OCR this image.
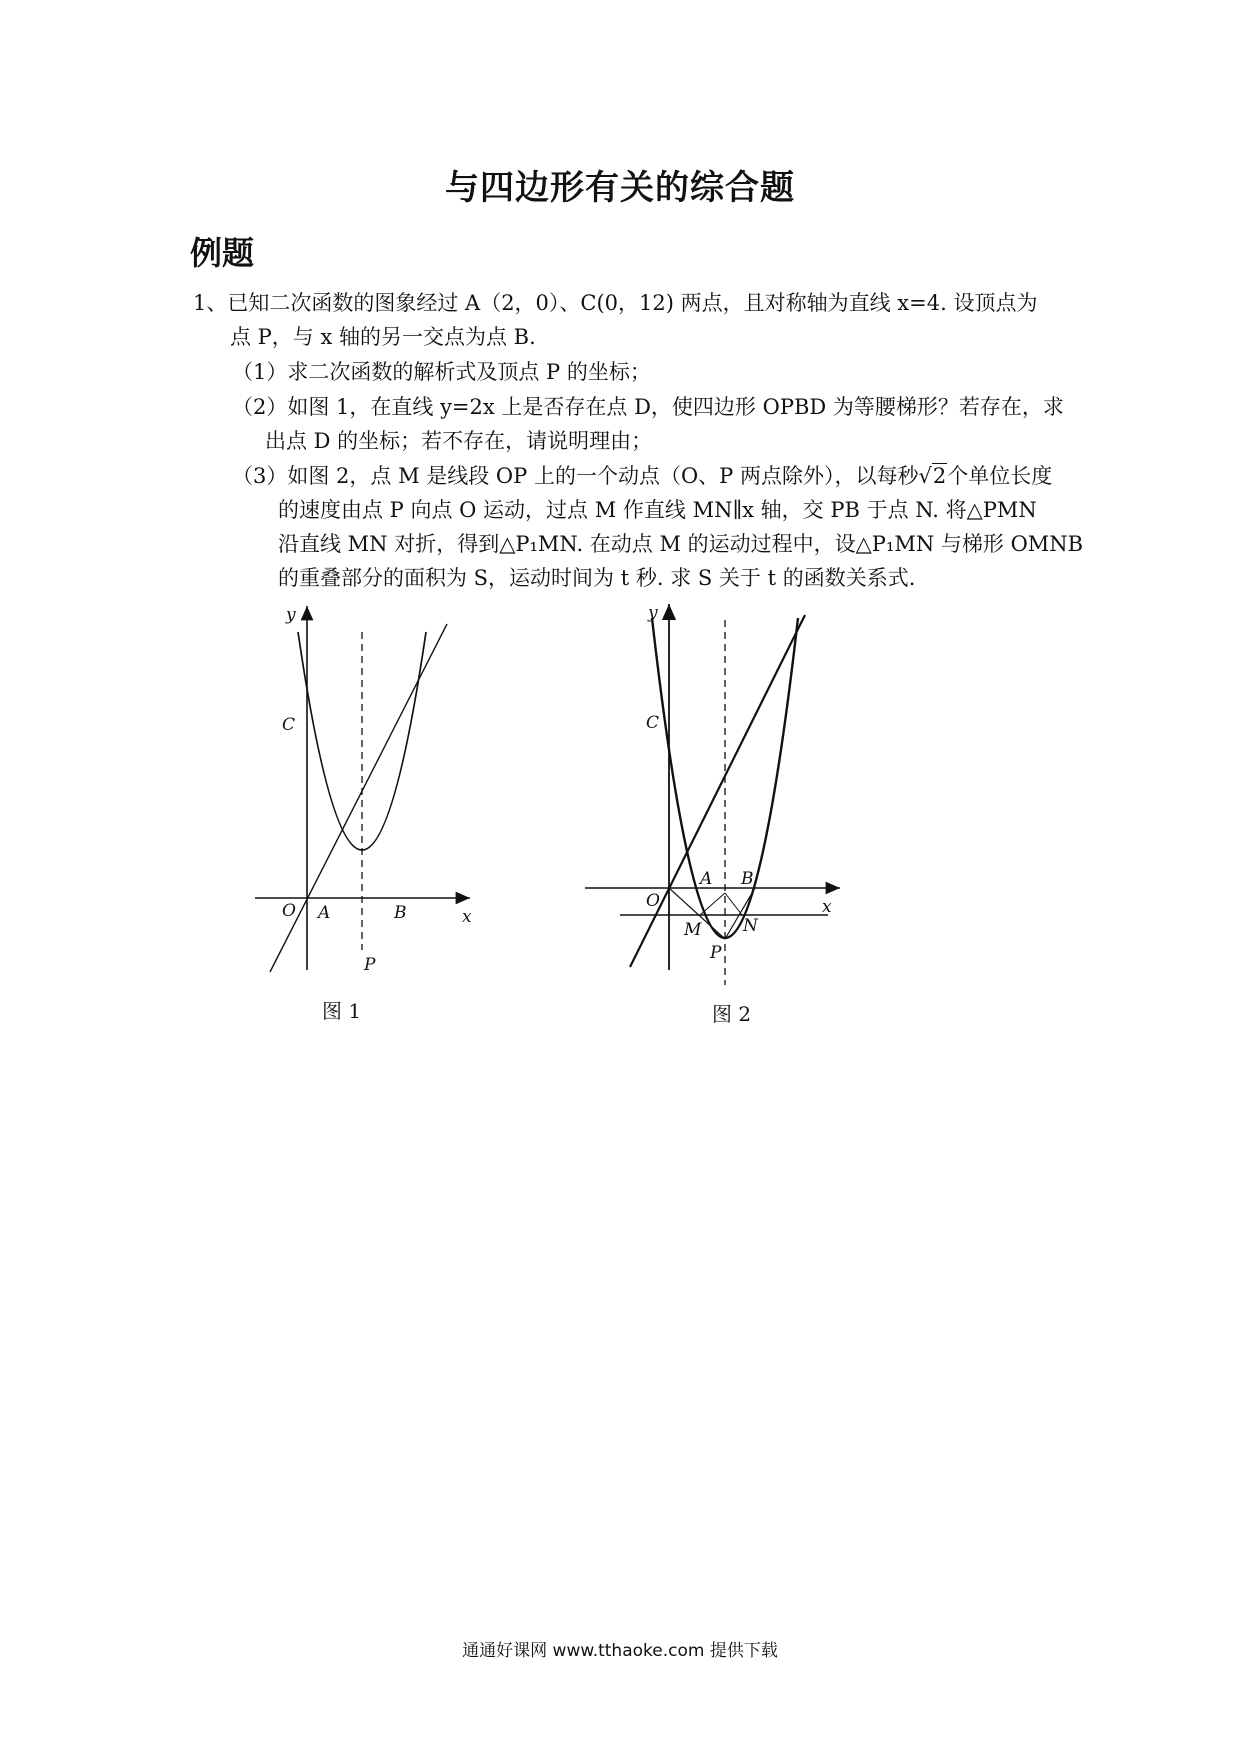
与四边形有关的综合题
例题
1、已知二次函数的图象经过 A（2，0）、C(0，12) 两点，且对称轴为直线 x=4. 设顶点为
点 P，与 x 轴的另一交点为点 B.
（1）求二次函数的解析式及顶点 P 的坐标；
（2）如图 1，在直线 y=2x 上是否存在点 D，使四边形 OPBD 为等腰梯形？若存在，求
出点 D 的坐标；若不存在，请说明理由；
（3）如图 2，点 M 是线段 OP 上的一个动点（O、P 两点除外），以每秒√2个单位长度
的速度由点 P 向点 O 运动，过点 M 作直线 MN∥x 轴，交 PB 于点 N. 将△PMN
沿直线 MN 对折，得到△P₁MN. 在动点 M 的运动过程中，设△P₁MN 与梯形 OMNB
的重叠部分的面积为 S，运动时间为 t 秒. 求 S 关于 t 的函数关系式.
y
x
C
O A	B
P
y
x
C
O
A B
M N
P
图 1	图 2
通通好课网 www.tthaoke.com 提供下载
